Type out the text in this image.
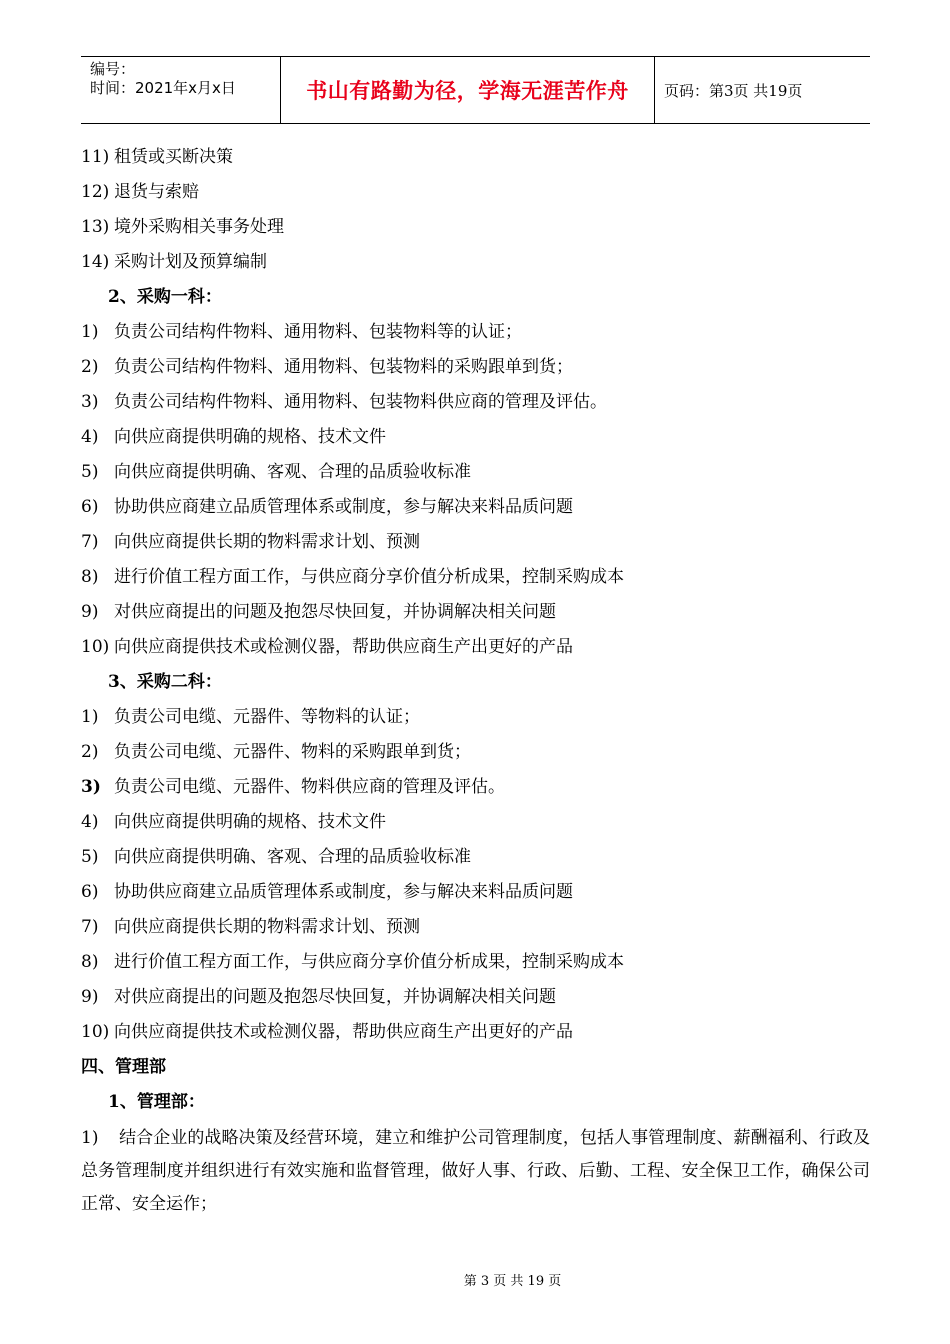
编号：
时间：2021年x月x日	书山有路勤为径，学海无涯苦作舟 页码：第3页 共19页
11) 租赁或买断决策
12) 退货与索赔
13) 境外采购相关事务处理
14) 采购计划及预算编制
2、采购一科：
1) 负责公司结构件物料、通用物料、包装物料等的认证；
2) 负责公司结构件物料、通用物料、包装物料的采购跟单到货；
3) 负责公司结构件物料、通用物料、包装物料供应商的管理及评估。
4) 向供应商提供明确的规格、技术文件
5) 向供应商提供明确、客观、合理的品质验收标准
6) 协助供应商建立品质管理体系或制度，参与解决来料品质问题
7) 向供应商提供长期的物料需求计划、预测
8) 进行价值工程方面工作，与供应商分享价值分析成果，控制采购成本
9) 对供应商提出的问题及抱怨尽快回复，并协调解决相关问题
10) 向供应商提供技术或检测仪器，帮助供应商生产出更好的产品
3、采购二科：
1) 负责公司电缆、元器件、等物料的认证；
2) 负责公司电缆、元器件、物料的采购跟单到货；
3) 负责公司电缆、元器件、物料供应商的管理及评估。
4) 向供应商提供明确的规格、技术文件
5) 向供应商提供明确、客观、合理的品质验收标准
6) 协助供应商建立品质管理体系或制度，参与解决来料品质问题
7) 向供应商提供长期的物料需求计划、预测
8) 进行价值工程方面工作，与供应商分享价值分析成果，控制采购成本
9) 对供应商提出的问题及抱怨尽快回复，并协调解决相关问题
10) 向供应商提供技术或检测仪器，帮助供应商生产出更好的产品
四、管理部
1、管理部：
1) 结合企业的战略决策及经营环境，建立和维护公司管理制度，包括人事管理制度、薪酬福利、行政及总务管理制度并组织进行有效实施和监督管理，做好人事、行政、后勤、工程、安全保卫工作，确保公司正常、安全运作；
第 3 页 共 19 页
